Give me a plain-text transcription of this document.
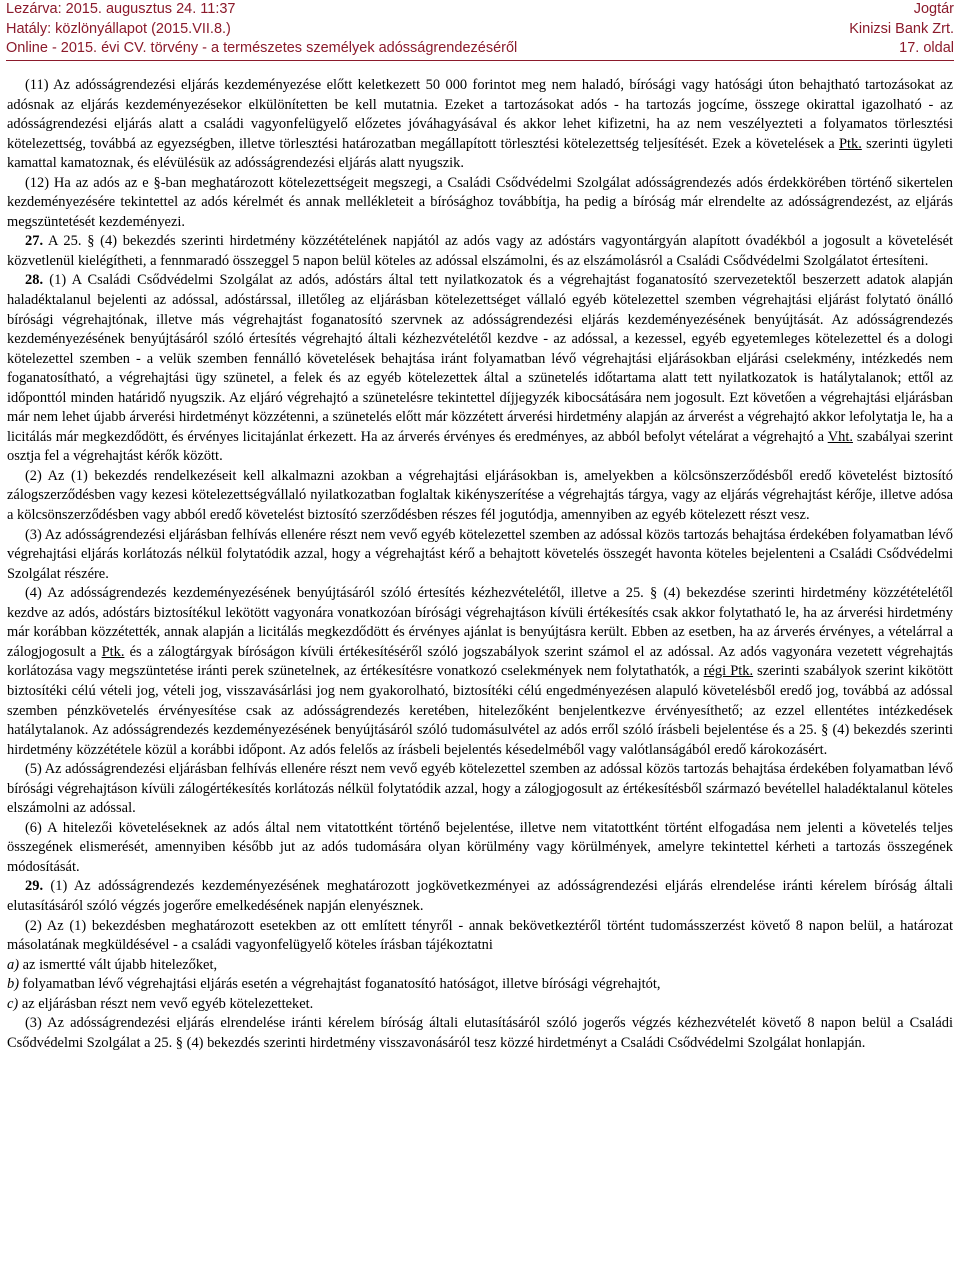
Lezárva: 2015. augusztus 24. 11:37
Hatály: közlönyállapot (2015.VII.8.)
Online - 2015. évi CV. törvény - a természetes személyek adósságrendezéséről
Jogtár
Kinizsi Bank Zrt.
17. oldal

(11) Az adósságrendezési eljárás kezdeményezése előtt keletkezett 50 000 forintot meg nem haladó, bírósági vagy hatósági úton behajtható tartozásokat az adósnak az eljárás kezdeményezésekor elkülönítetten be kell mutatnia. Ezeket a tartozásokat adós - ha tartozás jogcíme, összege okirattal igazolható - az adósságrendezési eljárás alatt a családi vagyonfelügyelő előzetes jóváhagyásával és akkor lehet kifizetni, ha az nem veszélyezteti a folyamatos törlesztési kötelezettség, továbbá az egyezségben, illetve törlesztési határozatban megállapított törlesztési kötelezettség teljesítését. Ezek a követelések a Ptk. szerinti ügyleti kamattal kamatoznak, és elévülésük az adósságrendezési eljárás alatt nyugszik.

(12) Ha az adós az e §-ban meghatározott kötelezettségeit megszegi, a Családi Csődvédelmi Szolgálat adósságrendezés adós érdekkörében történő sikertelen kezdeményezésére tekintettel az adós kérelmét és annak mellékleteit a bírósághoz továbbítja, ha pedig a bíróság már elrendelte az adósságrendezést, az eljárás megszüntetését kezdeményezi.

27. A 25. § (4) bekezdés szerinti hirdetmény közzétételének napjától az adós vagy az adóstárs vagyontárgyán alapított óvadékból a jogosult a követelését közvetlenül kielégítheti, a fennmaradó összeggel 5 napon belül köteles az adóssal elszámolni, és az elszámolásról a Családi Csődvédelmi Szolgálatot értesíteni.

28. (1) A Családi Csődvédelmi Szolgálat az adós, adóstárs által tett nyilatkozatok és a végrehajtást foganatosító szervezetektől beszerzett adatok alapján haladéktalanul bejelenti az adóssal, adóstárssal, illetőleg az eljárásban kötelezettséget vállaló egyéb kötelezettel szemben végrehajtási eljárást folytató önálló bírósági végrehajtónak, illetve más végrehajtást foganatosító szervnek az adósságrendezési eljárás kezdeményezésének benyújtását. Az adósságrendezés kezdeményezésének benyújtásáról szóló értesítés végrehajtó általi kézhezvételétől kezdve - az adóssal, a kezessel, egyéb egyetemleges kötelezettel és a dologi kötelezettel szemben - a velük szemben fennálló követelések behajtása iránt folyamatban lévő végrehajtási eljárásokban eljárási cselekmény, intézkedés nem foganatosítható, a végrehajtási ügy szünetel, a felek és az egyéb kötelezettek által a szünetelés időtartama alatt tett nyilatkozatok is hatálytalanok; ettől az időponttól minden határidő nyugszik. Az eljáró végrehajtó a szünetelésre tekintettel díjjegyzék kibocsátására nem jogosult. Ezt követően a végrehajtási eljárásban már nem lehet újabb árverési hirdetményt közzétenni, a szünetelés előtt már közzétett árverési hirdetmény alapján az árverést a végrehajtó akkor lefolytatja le, ha a licitálás már megkezdődött, és érvényes licitajánlat érkezett. Ha az árverés érvényes és eredményes, az abból befolyt vételárat a végrehajtó a Vht. szabályai szerint osztja fel a végrehajtást kérők között.

(2) Az (1) bekezdés rendelkezéseit kell alkalmazni azokban a végrehajtási eljárásokban is, amelyekben a kölcsönszerződésből eredő követelést biztosító zálogszerződésben vagy kezesi kötelezettségvállaló nyilatkozatban foglaltak kikényszerítése a végrehajtás tárgya, vagy az eljárás végrehajtást kérője, illetve adósa a kölcsönszerződésben vagy abból eredő követelést biztosító szerződésben részes fél jogutódja, amennyiben az egyéb kötelezett részt vesz.

(3) Az adósságrendezési eljárásban felhívás ellenére részt nem vevő egyéb kötelezettel szemben az adóssal közös tartozás behajtása érdekében folyamatban lévő végrehajtási eljárás korlátozás nélkül folytatódik azzal, hogy a végrehajtást kérő a behajtott követelés összegét havonta köteles bejelenteni a Családi Csődvédelmi Szolgálat részére.

(4) Az adósságrendezés kezdeményezésének benyújtásáról szóló értesítés kézhezvételétől, illetve a 25. § (4) bekezdése szerinti hirdetmény közzétételétől kezdve az adós, adóstárs biztosítékul lekötött vagyonára vonatkozóan bírósági végrehajtáson kívüli értékesítés csak akkor folytatható le, ha az árverési hirdetmény már korábban közzétették, annak alapján a licitálás megkezdődött és érvényes ajánlat is benyújtásra került. Ebben az esetben, ha az árverés érvényes, a vételárral a zálogjogosult a Ptk. és a zálogtárgyak bíróságon kívüli értékesítéséről szóló jogszabályok szerint számol el az adóssal. Az adós vagyonára vezetett végrehajtás korlátozása vagy megszüntetése iránti perek szünetelnek, az értékesítésre vonatkozó cselekmények nem folytathatók, a régi Ptk. szerinti szabályok szerint kikötött biztosítéki célú vételi jog, vételi jog, visszavásárlási jog nem gyakorolható, biztosítéki célú engedményezésen alapuló követelésből eredő jog, továbbá az adóssal szemben pénzkövetelés érvényesítése csak az adósságrendezés keretében, hitelezőként benjelentkezve érvényesíthető; az ezzel ellentétes intézkedések hatálytalanok. Az adósságrendezés kezdeményezésének benyújtásáról szóló tudomásulvétel az adós erről szóló írásbeli bejelentése és a 25. § (4) bekezdés szerinti hirdetmény közzététele közül a korábbi időpont. Az adós felelős az írásbeli bejelentés késedelméből vagy valótlanságából eredő károkozásért.

(5) Az adósságrendezési eljárásban felhívás ellenére részt nem vevő egyéb kötelezettel szemben az adóssal közös tartozás behajtása érdekében folyamatban lévő bírósági végrehajtáson kívüli zálogértékesítés korlátozás nélkül folytatódik azzal, hogy a zálogjogosult az értékesítésből származó bevétellel haladéktalanul köteles elszámolni az adóssal.

(6) A hitelezői követeléseknek az adós által nem vitatottként történő bejelentése, illetve nem vitatottként történt elfogadása nem jelenti a követelés teljes összegének elismerését, amennyiben később jut az adós tudomására olyan körülmény vagy körülmények, amelyre tekintettel kérheti a tartozás összegének módosítását.

29. (1) Az adósságrendezés kezdeményezésének meghatározott jogkövetkezményei az adósságrendezési eljárás elrendelése iránti kérelem bíróság általi elutasításáról szóló végzés jogerőre emelkedésének napján elenyésznek.

(2) Az (1) bekezdésben meghatározott esetekben az ott említett tényről - annak bekövetkeztéről történt tudomásszerzést követő 8 napon belül, a határozat másolatának megküldésével - a családi vagyonfelügyelő köteles írásban tájékoztatni

a) az ismertté vált újabb hitelezőket,

b) folyamatban lévő végrehajtási eljárás esetén a végrehajtást foganatosító hatóságot, illetve bírósági végrehajtót,

c) az eljárásban részt nem vevő egyéb kötelezetteket.

(3) Az adósságrendezési eljárás elrendelése iránti kérelem bíróság általi elutasításáról szóló jogerős végzés kézhezvételét követő 8 napon belül a Családi Csődvédelmi Szolgálat a 25. § (4) bekezdés szerinti hirdetmény visszavonásáról tesz közzé hirdetményt a Családi Csődvédelmi Szolgálat honlapján.
